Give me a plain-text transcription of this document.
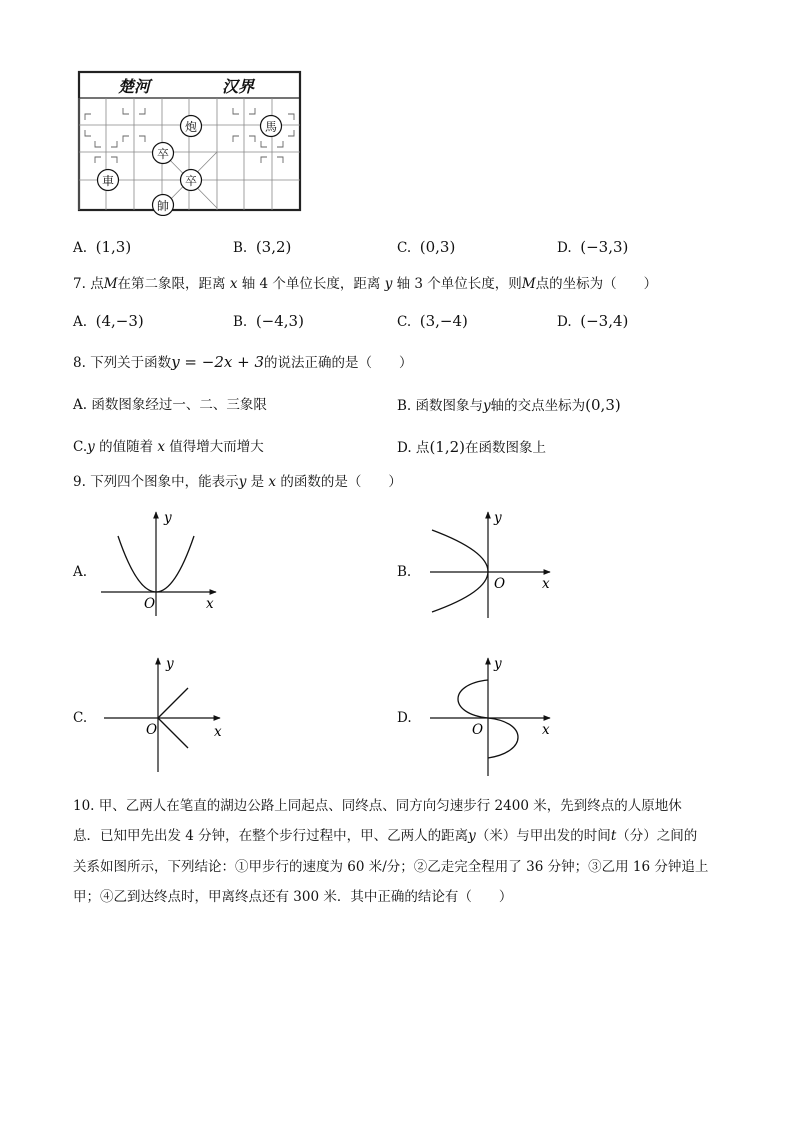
楚河	汉界
炮	馬
卒
車	卒
帥
A. (1,3)	B. (3,2)	C. (0,3)	D. (−3,3)
7. 点M在第二象限，距离 x 轴 4 个单位长度，距离 y 轴 3 个单位长度，则M点的坐标为（　　）
A. (4,−3)	B. (−4,3)	C. (3,−4)	D. (−3,4)
8. 下列关于函数y = −2x + 3的说法正确的是（　　）
A. 函数图象经过一、二、三象限	B. 函数图象与y轴的交点坐标为(0,3)
C.y 的值随着 x 值得增大而增大	D. 点(1,2)在函数图象上
9. 下列四个图象中，能表示y 是 x 的函数的是（　　）
A.
x
y
O
B.
x
y
O
C.
x
y
O
D.
x
y
O
10. 甲、乙两人在笔直的湖边公路上同起点、同终点、同方向匀速步行 2400 米，先到终点的人原地休
息．已知甲先出发 4 分钟，在整个步行过程中，甲、乙两人的距离y（米）与甲出发的时间t（分）之间的
关系如图所示，下列结论：①甲步行的速度为 60 米/分；②乙走完全程用了 36 分钟；③乙用 16 分钟追上
甲；④乙到达终点时，甲离终点还有 300 米．其中正确的结论有（　　）
